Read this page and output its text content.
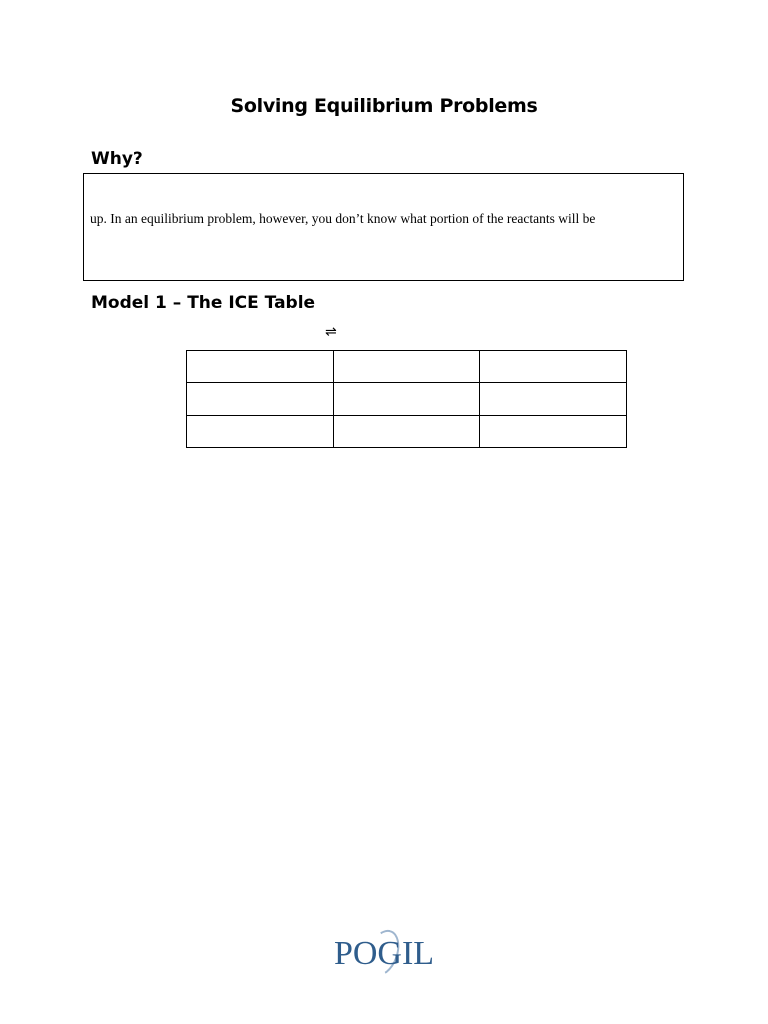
Solving Equilibrium Problems
Why?
up. In an equilibrium problem, however, you don’t know what portion of the reactants will be
Model 1 – The ICE Table
⇌

POGIL
